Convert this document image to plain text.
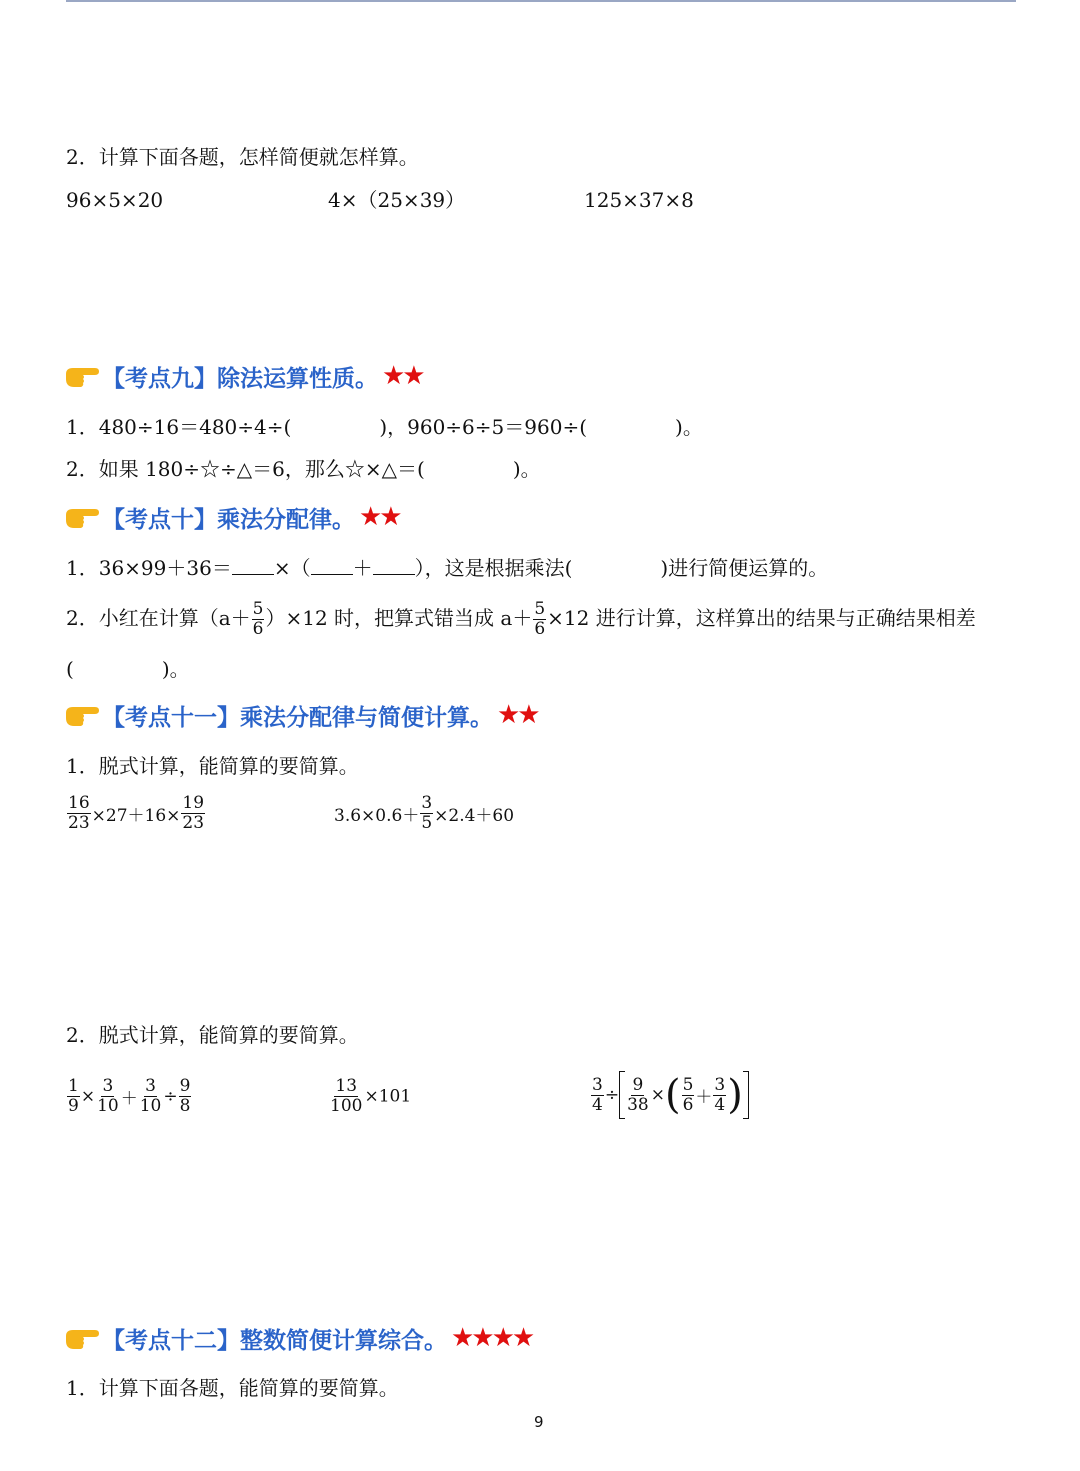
2．计算下面各题，怎样简便就怎样算。
96×5×20	4×（25×39）	125×37×8
【考点九】除法运算性质。 ★★
1．480÷16＝480÷4÷(	)，960÷6÷5＝960÷(	)。
2．如果 180÷☆÷△＝6，那么☆×△＝(	)。
【考点十】乘法分配律。 ★★
1．36×99＋36＝ ×（ ＋ ），这是根据乘法(	)进行简便运算的。
2．小红在计算$(a+ \frac{5}{6} )\times 12$ 时，把算式错当成 $a+ \frac{5}{6} \times 12$ 进行计算，这样算出的结果与正确结果相差
(	)。
【考点十一】乘法分配律与简便计算。 ★★
1．脱式计算，能简算的要简算。
$\frac{16}{23} \times 27+16\times \frac{19}{23}$	$3.6\times 0.6+ \frac{3}{5} \times 2.4+60$
2．脱式计算，能简算的要简算。
$\frac{1}{9} \times \frac{3}{10} + \frac{3}{10} \div \frac{9}{8}$	$\frac{13}{100} \times 101$	$\frac{3}{4} \div \frac{9}{38}$ ×( $\frac{5}{6} + \frac{3}{4}$ )
【考点十二】整数简便计算综合。 ★★★★
1．计算下面各题，能简算的要简算。
9
